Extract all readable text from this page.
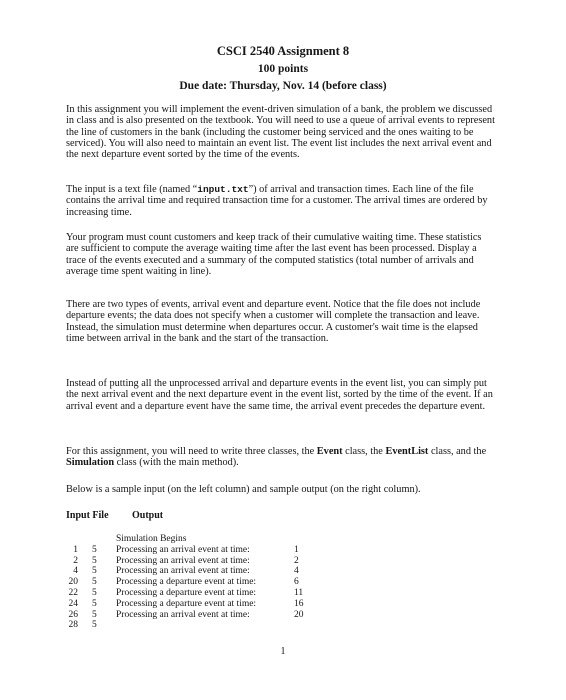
CSCI 2540 Assignment 8
100 points
Due date: Thursday, Nov. 14 (before class)

In this assignment you will implement the event-driven simulation of a bank, the problem we discussed in class and is also presented on the textbook. You will need to use a queue of arrival events to represent the line of customers in the bank (including the customer being serviced and the ones waiting to be serviced). You will also need to maintain an event list. The event list includes the next arrival event and the next departure event sorted by the time of the events.

The input is a text file (named “input.txt”) of arrival and transaction times. Each line of the file contains the arrival time and required transaction time for a customer. The arrival times are ordered by increasing time.

Your program must count customers and keep track of their cumulative waiting time. These statistics are sufficient to compute the average waiting time after the last event has been processed. Display a trace of the events executed and a summary of the computed statistics (total number of arrivals and average time spent waiting in line).

There are two types of events, arrival event and departure event. Notice that the file does not include departure events; the data does not specify when a customer will complete the transaction and leave. Instead, the simulation must determine when departures occur. A customer's wait time is the elapsed time between arrival in the bank and the start of the transaction.

Instead of putting all the unprocessed arrival and departure events in the event list, you can simply put the next arrival event and the next departure event in the event list, sorted by the time of the event. If an arrival event and a departure event have the same time, the arrival event precedes the departure event.

For this assignment, you will need to write three classes, the Event class, the EventList class, and the Simulation class (with the main method).

Below is a sample input (on the left column) and sample output (on the right column).

Input File Output
Simulation Begins
1 5 Processing an arrival event at time:	1
2 5 Processing an arrival event at time:	2
4 5 Processing an arrival event at time:	4
20 5 Processing a departure event at time:	6
22 5 Processing a departure event at time:	11
24 5 Processing a departure event at time:	16
26 5 Processing an arrival event at time:	20
28 5
1
